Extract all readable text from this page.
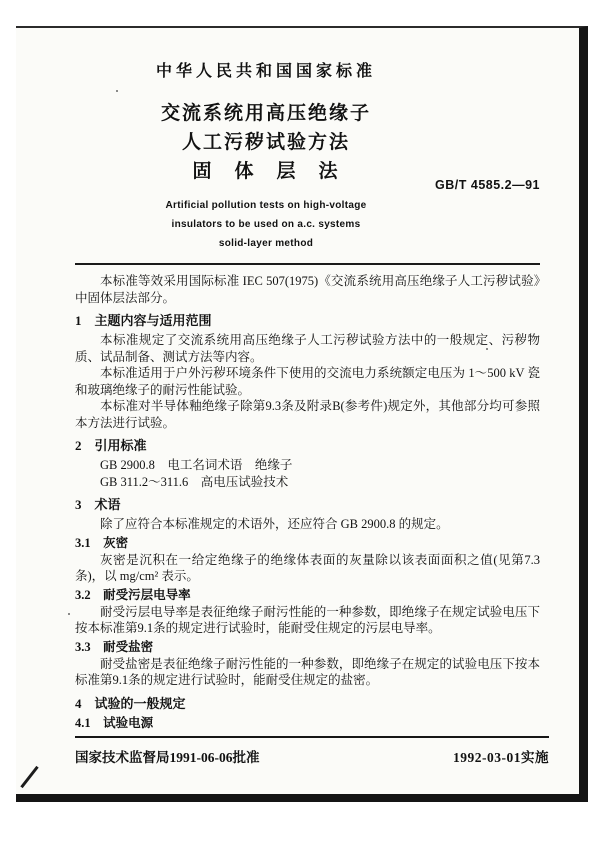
中华人民共和国国家标准
交流系统用高压绝缘子
人工污秽试验方法
固　体　层　法
Artificial pollution tests on high-voltage
insulators to be used on a.c. systems
solid-layer method
GB/T 4585.2—91

本标准等效采用国际标准 IEC 507(1975)《交流系统用高压绝缘子人工污秽试验》中固体层法部分。

1　主题内容与适用范围

本标准规定了交流系统用高压绝缘子人工污秽试验方法中的一般规定、污秽物质、试品制备、测试方法等内容。

本标准适用于户外污秽环境条件下使用的交流电力系统额定电压为 1～500 kV 瓷和玻璃绝缘子的耐污性能试验。

本标准对半导体釉绝缘子除第9.3条及附录B(参考件)规定外，其他部分均可参照本方法进行试验。

2　引用标准

GB 2900.8　电工名词术语　绝缘子

GB 311.2～311.6　高电压试验技术

3　术语

除了应符合本标准规定的术语外，还应符合 GB 2900.8 的规定。

3.1　灰密

灰密是沉积在一给定绝缘子的绝缘体表面的灰量除以该表面面积之值(见第7.3条)，以 mg/cm² 表示。

3.2　耐受污层电导率

耐受污层电导率是表征绝缘子耐污性能的一种参数，即绝缘子在规定试验电压下按本标准第9.1条的规定进行试验时，能耐受住规定的污层电导率。

3.3　耐受盐密

耐受盐密是表征绝缘子耐污性能的一种参数，即绝缘子在规定的试验电压下按本标准第9.1条的规定进行试验时，能耐受住规定的盐密。

4　试验的一般规定
4.1　试验电源
国家技术监督局1991-06-06批准	1992-03-01实施
